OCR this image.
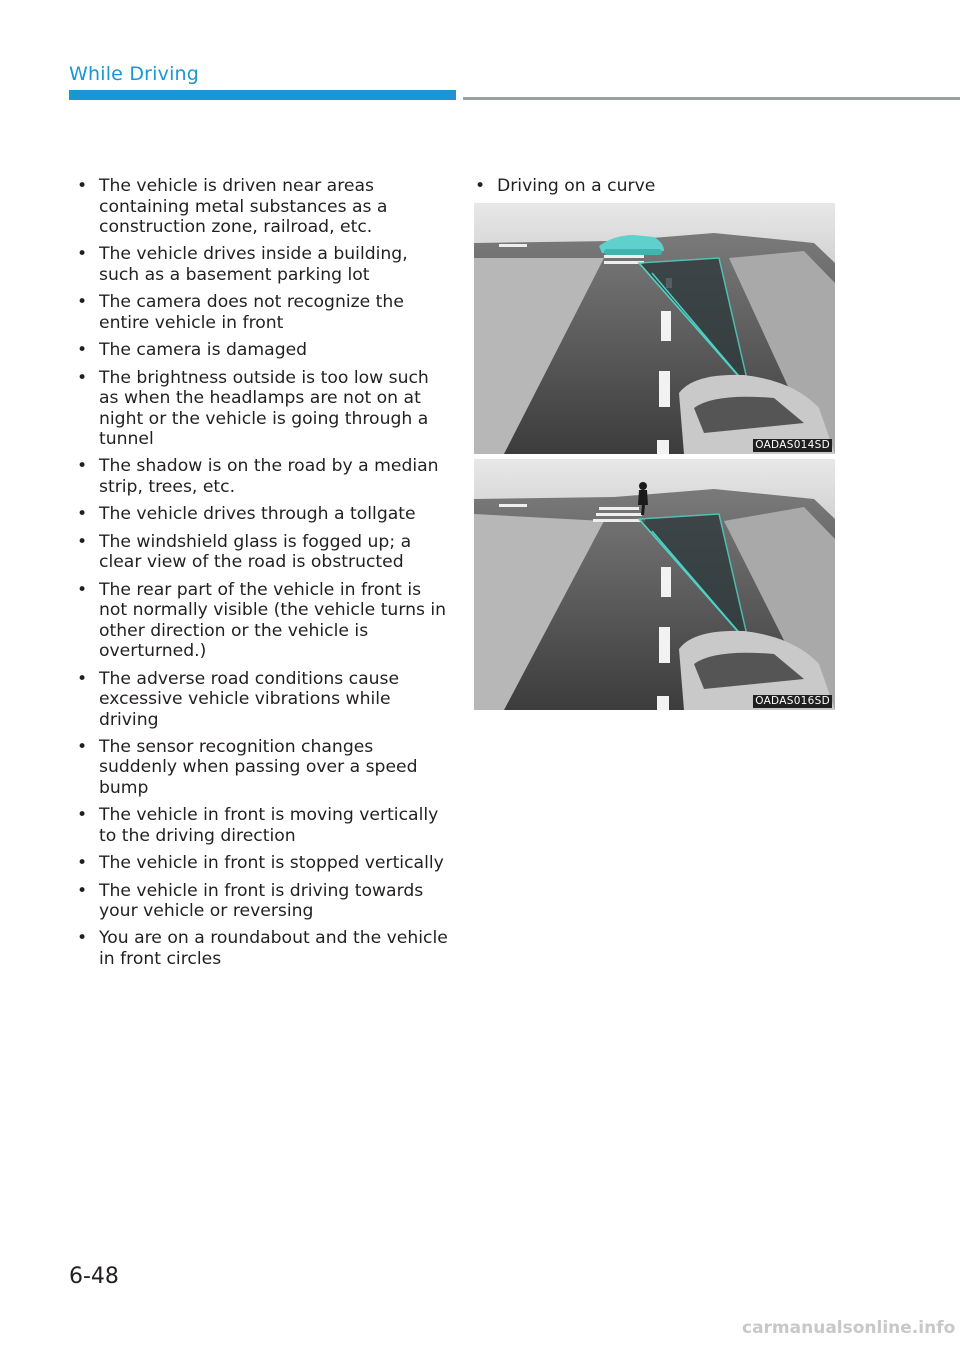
While Driving
• The vehicle is driven near areas containing metal substances as a construction zone, railroad, etc.
• The vehicle drives inside a building, such as a basement parking lot
• The camera does not recognize the entire vehicle in front
• The camera is damaged
• The brightness outside is too low such as when the headlamps are not on at night or the vehicle is going through a tunnel
• The shadow is on the road by a median strip, trees, etc.
• The vehicle drives through a tollgate
• The windshield glass is fogged up; a clear view of the road is obstructed
• The rear part of the vehicle in front is not normally visible (the vehicle turns in other direction or the vehicle is overturned.)
• The adverse road conditions cause excessive vehicle vibrations while driving
• The sensor recognition changes suddenly when passing over a speed bump
• The vehicle in front is moving vertically to the driving direction
• The vehicle in front is stopped vertically
• The vehicle in front is driving towards your vehicle or reversing
• You are on a roundabout and the vehicle in front circles
• Driving on a curve
OADAS014SD
OADAS016SD
6-48
carmanualsonline.info
